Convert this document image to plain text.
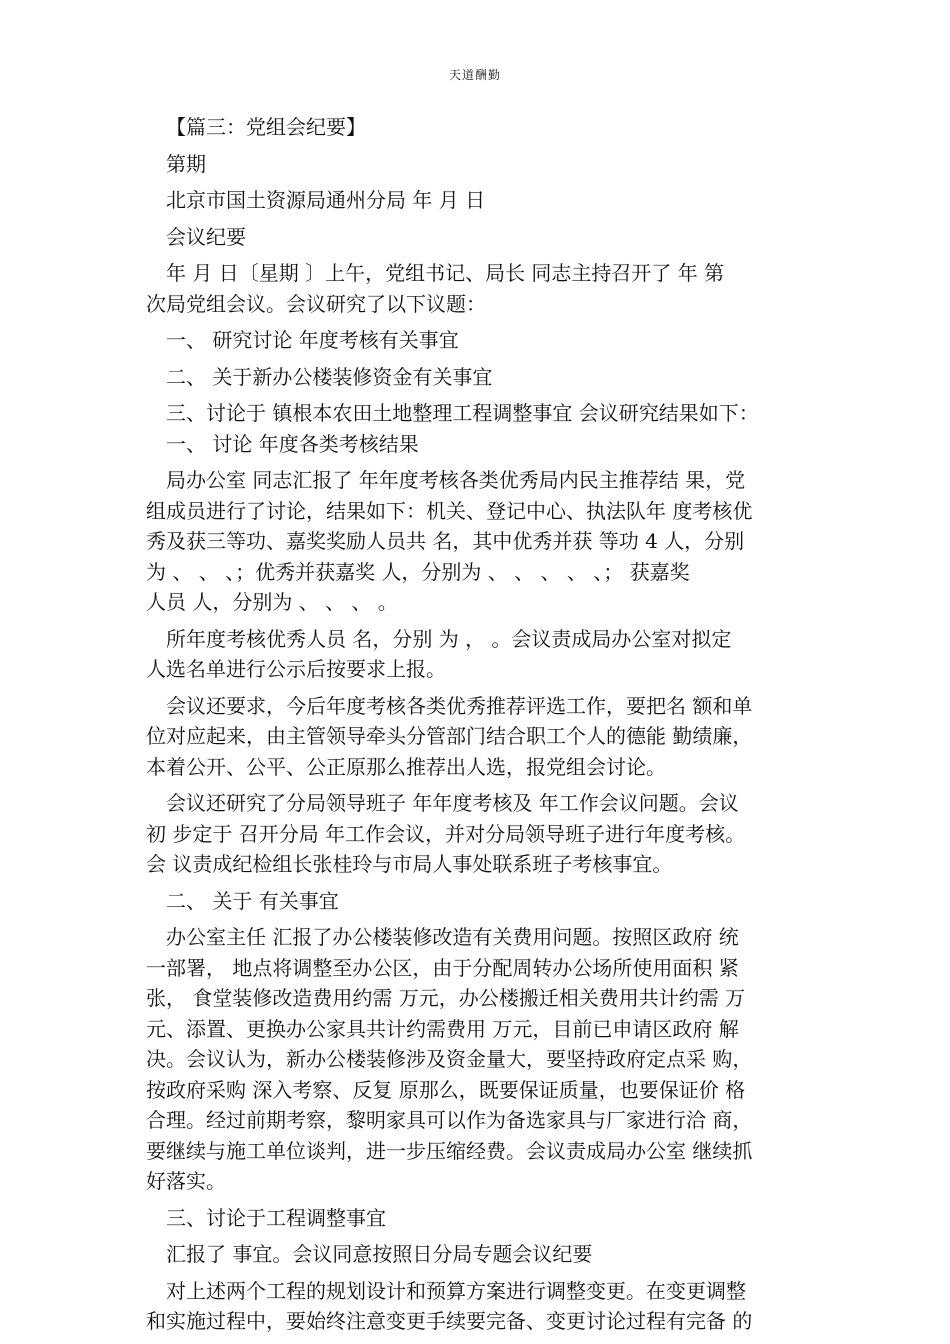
天道酬勤
【篇三：党组会纪要】
第期
北京市国土资源局通州分局 年 月 日
会议纪要
年 月 日〔星期 〕上午，党组书记、局长 同志主持召开了 年 第
次局党组会议。会议研究了以下议题：
一、 研究讨论 年度考核有关事宜
二、 关于新办公楼装修资金有关事宜
三、讨论于 镇根本农田土地整理工程调整事宜 会议研究结果如下：
一、 讨论 年度各类考核结果
局办公室 同志汇报了 年年度考核各类优秀局内民主推荐结 果，党
组成员进行了讨论，结果如下：机关、登记中心、执法队年 度考核优
秀及获三等功、嘉奖奖励人员共 名，其中优秀并获 等功 4 人，分别
为 、 、 、；优秀并获嘉奖 人，分别为 、 、 、 、 、； 获嘉奖
人员 人，分别为 、 、 、 。
所年度考核优秀人员 名，分别 为 ， 。会议责成局办公室对拟定
人选名单进行公示后按要求上报。
会议还要求，今后年度考核各类优秀推荐评选工作，要把名 额和单
位对应起来，由主管领导牵头分管部门结合职工个人的德能 勤绩廉，
本着公开、公平、公正原那么推荐出人选，报党组会讨论。
会议还研究了分局领导班子 年年度考核及 年工作会议问题。会议
初 步定于 召开分局 年工作会议，并对分局领导班子进行年度考核。
会 议责成纪检组长张桂玲与市局人事处联系班子考核事宜。
二、 关于 有关事宜
办公室主任 汇报了办公楼装修改造有关费用问题。按照区政府 统
一部署， 地点将调整至办公区，由于分配周转办公场所使用面积 紧
张， 食堂装修改造费用约需 万元，办公楼搬迁相关费用共计约需 万
元、添置、更换办公家具共计约需费用 万元，目前已申请区政府 解
决。会议认为，新办公楼装修涉及资金量大，要坚持政府定点采 购，
按政府采购 深入考察、反复 原那么，既要保证质量，也要保证价 格
合理。经过前期考察，黎明家具可以作为备选家具与厂家进行洽 商，
要继续与施工单位谈判，进一步压缩经费。会议责成局办公室 继续抓
好落实。
三、讨论于工程调整事宜
汇报了 事宜。会议同意按照日分局专题会议纪要
对上述两个工程的规划设计和预算方案进行调整变更。在变更调整
和实施过程中，要始终注意变更手续要完备、变更讨论过程有完备 的
